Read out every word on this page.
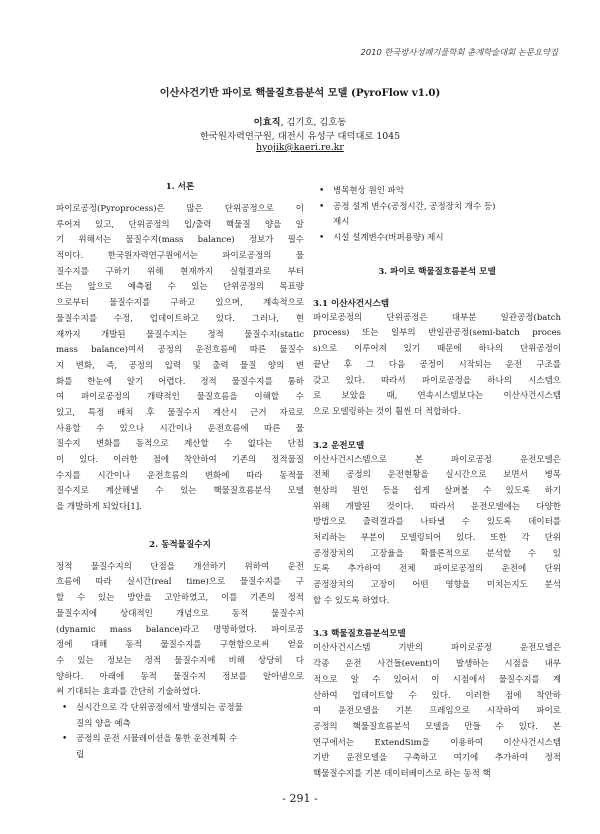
2010 한국방사성폐기물학회 춘계학술대회 논문요약집
이산사건기반 파이로 핵물질흐름분석 모델 (PyroFlow v1.0)
이효직, 김기호, 김호동
한국원자력연구원, 대전시 유성구 대덕대로 1045
hyojik@kaeri.re.kr
1. 서론

파이로공정(Pyroprocess)은 많은 단위공정으로 이

루어져 있고, 단위공정의 입/출력 핵물질 양을 알

기 위해서는 물질수지(mass balance) 정보가 필수

적이다. 한국원자력연구원에서는 파이로공정의 물

질수지를 구하기 위해 현재까지 실험결과로 부터

또는 앞으로 예측될 수 있는 단위공정의 목표량

으로부터 물질수지를 구하고 있으며, 계속적으로

물질수지를 수정, 업데이트하고 있다. 그러나, 현

재까지 개발된 물질수지는 정적 물질수지(static

mass balance)여서 공정의 운전흐름에 따른 물질수

지 변화, 즉, 공정의 입력 및 출력 물질 양의 변

화를 한눈에 알기 어렵다. 정적 물질수지를 통하

여 파이로공정의 개략적인 물질흐름을 이해할 수

있고, 특정 배치 후 물질수지 계산시 근거 자료로

사용할 수 있으나 시간이나 운전흐름에 따른 물

질수지 변화를 동적으로 계산할 수 없다는 단점

이 있다. 이러한 점에 착안하여 기존의 정적물질

수지를 시간이나 운전흐름의 변화에 따라 동적물

질수지로 계산해낼 수 있는 핵물질흐름분석 모델

을 개발하게 되었다[1].

2. 동적물질수지

정적 물질수지의 단점을 개선하기 위하여 운전

흐름에 따라 실시간(real time)으로 물질수지를 구

할 수 있는 방안을 고안하였고, 이를 기존의 정적

물질수지에 상대적인 개념으로 동적 물질수지

(dynamic mass balance)라고 명명하였다. 파이로공

정에 대해 동적 물질수지를 구현함으로써 얻을

수 있는 정보는 정적 물질수지에 비해 상당히 다

양하다. 아래에 동적 물질수지 정보를 알아냄으로

써 기대되는 효과를 간단히 기술하였다.

• 실시간으로 각 단위공정에서 발생되는 공정물

질의 양을 예측

• 공정의 운전 시뮬레이션을 통한 운전계획 수

립

• 병목현상 원인 파악

• 공정 설계 변수(공정시간, 공정장치 개수 등)

제시

• 시설 설계변수(버퍼용량) 제시

3. 파이로 핵물질흐름분석 모델
3.1 이산사건시스템

파이로공정의 단위공정은 대부분 일관공정(batch

process) 또는 일부의 반일관공정(semi-batch proces

s)으로 이루어져 있기 때문에 하나의 단위공정이

끝난 후 그 다음 공정이 시작되는 운전 구조를

갖고 있다. 따라서 파이로공정을 하나의 시스템으

로 보았을 때, 연속시스템보다는 이산사건시스템

으로 모델링하는 것이 훨씬 더 적합하다.

3.2 운전모델

이산사건시스템으로 본 파이로공정 운전모델은

전체 공정의 운전현황을 실시간으로 보면서 병목

현상의 원인 등을 쉽게 살펴볼 수 있도록 하기

위해 개발된 것이다. 따라서 운전모델에는 다양한

방법으로 출력결과를 나타낼 수 있도록 데이터를

처리하는 부분이 모델링되어 있다. 또한 각 단위

공정장치의 고장율을 확률론적으로 분석할 수 있

도록 추가하여 전체 파이로공정의 운전에 단위

공정장치의 고장이 어떤 영향을 미치는지도 분석

할 수 있도록 하였다.

3.3 핵물질흐름분석모델

이산사건시스템 기반의 파이로공정 운전모델은

각종 운전 사건들(event)이 발생하는 시점을 내부

적으로 알 수 있어서 이 시점에서 물질수지를 계

산하여 업데이트할 수 있다. 이러한 점에 착안하

여 운전모델을 기본 프레임으로 시작하여 파이로

공정의 핵물질흐름분석 모델을 만들 수 있다. 본

연구에서는 ExtendSim을 이용하여 이산사건시스템

기반 운전모델을 구축하고 여기에 추가하여 정적

핵물질수지를 기본 데이터베이스로 하는 동적 핵

- 291 -
